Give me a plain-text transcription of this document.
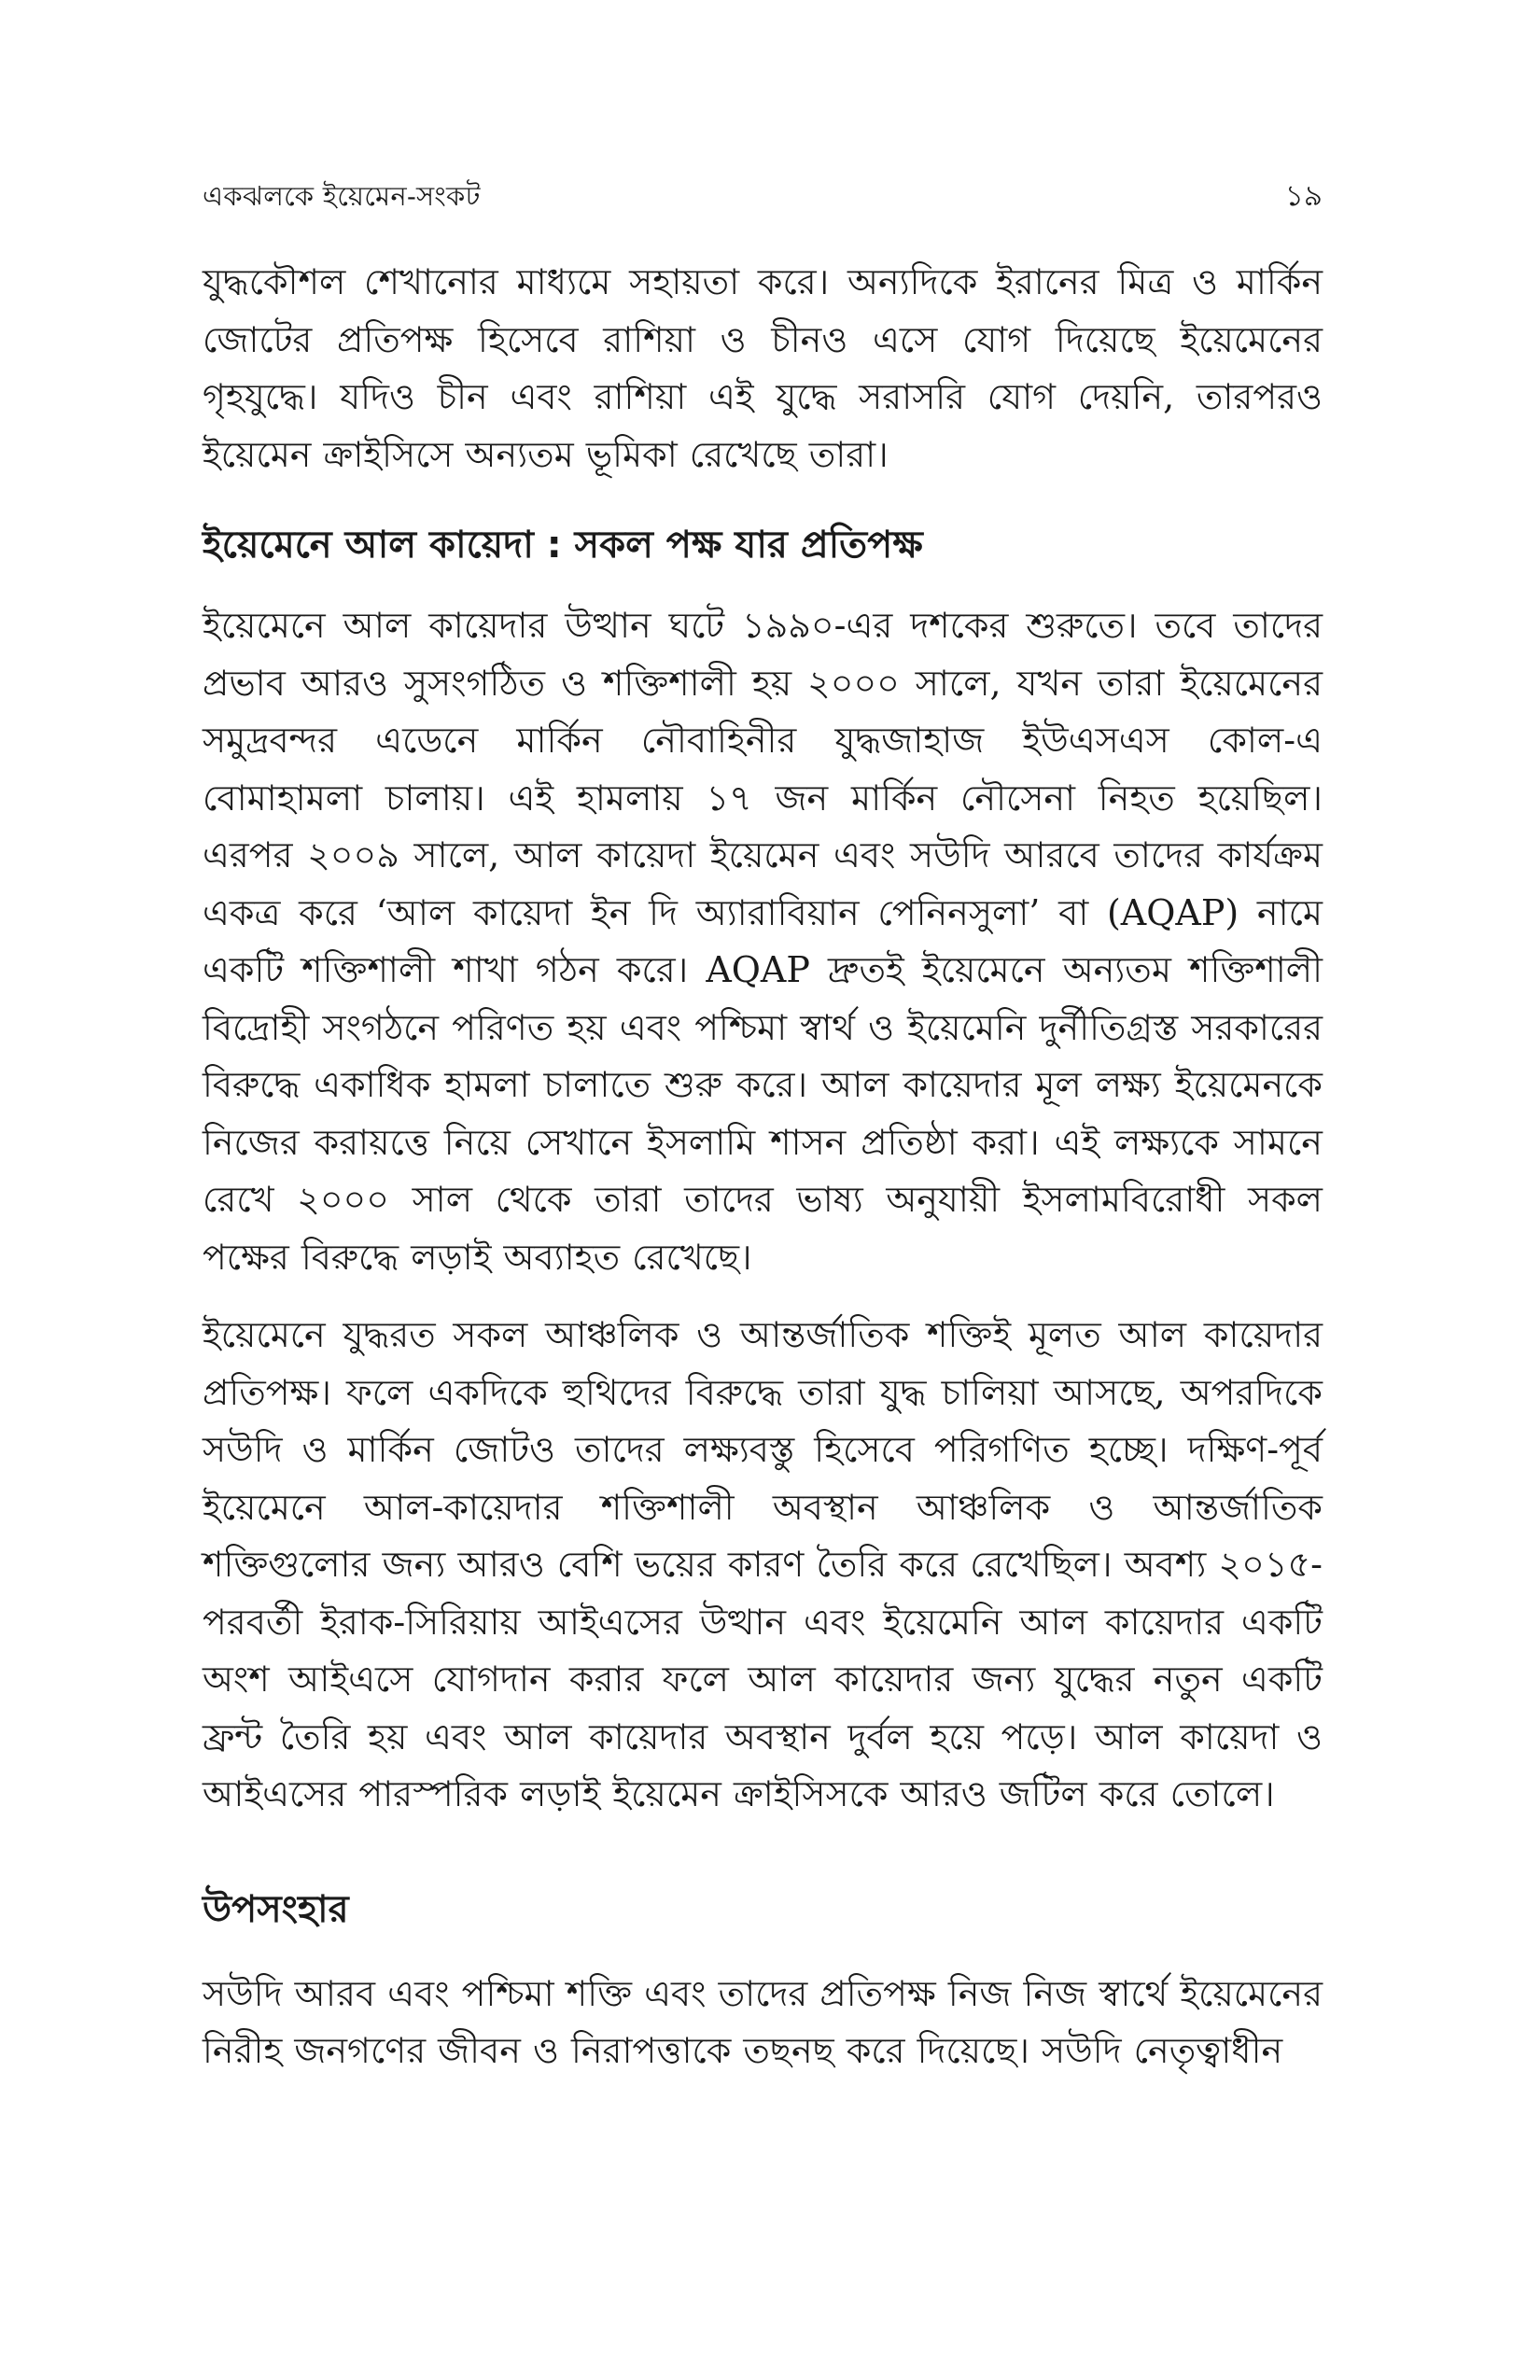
একঝলকে ইয়েমেন-সংকট	১৯

যুদ্ধকৌশল শেখানোর মাধ্যমে সহায়তা করে। অন্যদিকে ইরানের মিত্র ও মার্কিন জোটের প্রতিপক্ষ হিসেবে রাশিয়া ও চীনও এসে যোগ দিয়েছে ইয়েমেনের গৃহযুদ্ধে। যদিও চীন এবং রাশিয়া এই যুদ্ধে সরাসরি যোগ দেয়নি, তারপরও ইয়েমেন ক্রাইসিসে অন্যতম ভূমিকা রেখেছে তারা।

ইয়েমেনে আল কায়েদা : সকল পক্ষ যার প্রতিপক্ষ

ইয়েমেনে আল কায়েদার উত্থান ঘটে ১৯৯০-এর দশকের শুরুতে। তবে তাদের প্রভাব আরও সুসংগঠিত ও শক্তিশালী হয় ২০০০ সালে, যখন তারা ইয়েমেনের সমুদ্রবন্দর এডেনে মার্কিন নৌবাহিনীর যুদ্ধজাহাজ ইউএসএস কোল-এ বোমাহামলা চালায়। এই হামলায় ১৭ জন মার্কিন নৌসেনা নিহত হয়েছিল। এরপর ২০০৯ সালে, আল কায়েদা ইয়েমেন এবং সউদি আরবে তাদের কার্যক্রম একত্র করে ‘আল কায়েদা ইন দি অ্যারাবিয়ান পেনিনসুলা’ বা (AQAP) নামে একটি শক্তিশালী শাখা গঠন করে। AQAP দ্রুতই ইয়েমেনে অন্যতম শক্তিশালী বিদ্রোহী সংগঠনে পরিণত হয় এবং পশ্চিমা স্বার্থ ও ইয়েমেনি দুর্নীতিগ্রস্ত সরকারের বিরুদ্ধে একাধিক হামলা চালাতে শুরু করে। আল কায়েদার মূল লক্ষ্য ইয়েমেনকে নিজের করায়ত্তে নিয়ে সেখানে ইসলামি শাসন প্রতিষ্ঠা করা। এই লক্ষ্যকে সামনে রেখে ২০০০ সাল থেকে তারা তাদের ভাষ্য অনুযায়ী ইসলামবিরোধী সকল পক্ষের বিরুদ্ধে লড়াই অব্যাহত রেখেছে।

ইয়েমেনে যুদ্ধরত সকল আঞ্চলিক ও আন্তর্জাতিক শক্তিই মূলত আল কায়েদার প্রতিপক্ষ। ফলে একদিকে হুথিদের বিরুদ্ধে তারা যুদ্ধ চালিয়া আসছে, অপরদিকে সউদি ও মার্কিন জোটও তাদের লক্ষ্যবস্তু হিসেবে পরিগণিত হচ্ছে। দক্ষিণ-পূর্ব ইয়েমেনে আল-কায়েদার শক্তিশালী অবস্থান আঞ্চলিক ও আন্তর্জাতিক শক্তিগুলোর জন্য আরও বেশি ভয়ের কারণ তৈরি করে রেখেছিল। অবশ্য ২০১৫-পরবর্তী ইরাক-সিরিয়ায় আইএসের উত্থান এবং ইয়েমেনি আল কায়েদার একটি অংশ আইএসে যোগদান করার ফলে আল কায়েদার জন্য যুদ্ধের নতুন একটি ফ্রন্ট তৈরি হয় এবং আল কায়েদার অবস্থান দুর্বল হয়ে পড়ে। আল কায়েদা ও আইএসের পারস্পরিক লড়াই ইয়েমেন ক্রাইসিসকে আরও জটিল করে তোলে।

উপসংহার

সউদি আরব এবং পশ্চিমা শক্তি এবং তাদের প্রতিপক্ষ নিজ নিজ স্বার্থে ইয়েমেনের নিরীহ জনগণের জীবন ও নিরাপত্তাকে তছনছ করে দিয়েছে। সউদি নেতৃত্বাধীন
